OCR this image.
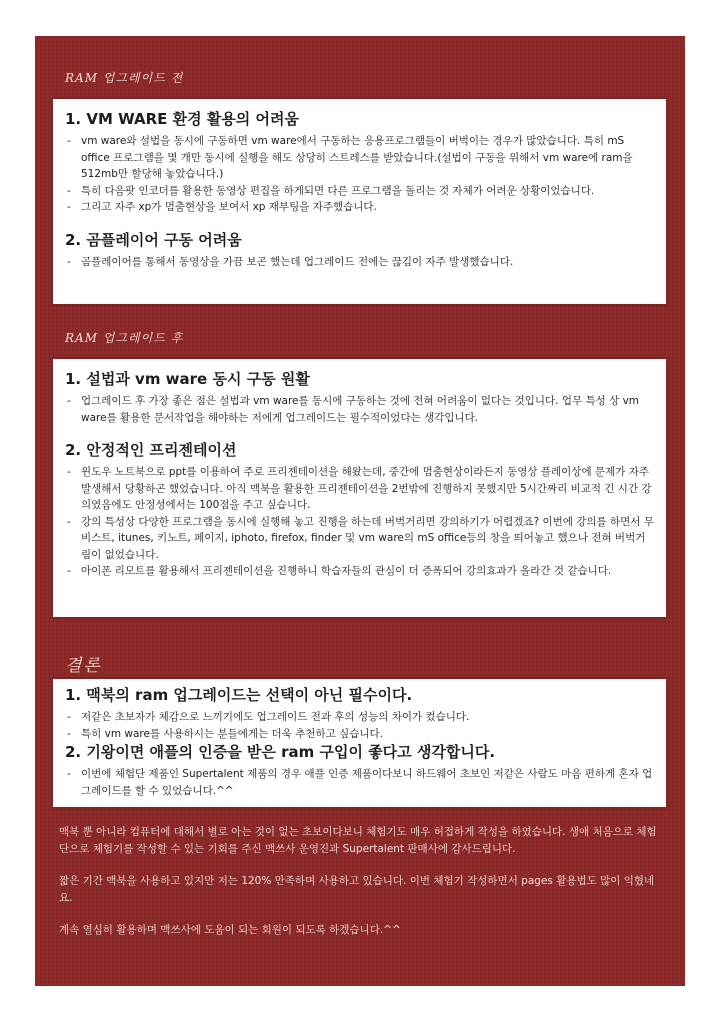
RAM 업그레이드 전
1. VM WARE 환경 활용의 어려움
- vm ware와 설법을 동시에 구동하면 vm ware에서 구동하는 응용프로그램들이 버벅이는 경우가 많았습니다. 특히 mS office 프로그램을 몇 개만 동시에 실행을 해도 상당히 스트레스를 받았습니다.(설법이 구동을 위해서 vm ware에 ram을 512mb만 할당해 놓았습니다.)
- 특히 다음팟 인코더를 활용한 동영상 편집을 하게되면 다른 프로그램을 돌리는 것 자체가 어려운 상황이었습니다.
- 그리고 자주 xp가 멈춤현상을 보여서 xp 재부팅을 자주했습니다.
2. 곰플레이어 구동 어려움
- 곰플레이어를 통해서 동영상을 가끔 보곤 했는데 업그레이드 전에는 끊김이 자주 발생했습니다.
RAM 업그레이드 후
1. 설법과 vm ware 동시 구동 원활
- 업그레이드 후 가장 좋은 점은 설법과 vm ware를 동시에 구동하는 것에 전혀 어려움이 없다는 것입니다. 업무 특성 상 vm ware를 활용한 문서작업을 해야하는 저에게 업그레이드는 필수적이었다는 생각입니다.
2. 안정적인 프리젠테이션
- 윈도우 노트북으로 ppt를 이용하여 주로 프리젠테이션을 해왔는데, 중간에 멈춤현상이라든지 동영상 플레이상에 문제가 자주 발생해서 당황하곤 했었습니다. 아직 맥북을 활용한 프리젠테이션을 2번밖에 진행하지 못했지만 5시간짜리 비교적 긴 시간 강의였음에도 안정성에서는 100점을 주고 싶습니다.
- 강의 특성상 다양한 프로그램을 동시에 실행해 놓고 진행을 하는데 버벅거리면 강의하기가 어렵겠죠? 이번에 강의를 하면서 무비스트, itunes, 키노트, 페이지, iphoto, firefox, finder 및 vm ware의 mS office등의 창을 띄어놓고 했으나 전혀 버벅거림이 없었습니다.
- 아이폰 리모트를 활용해서 프리젠테이션을 진행하니 학습자들의 관심이 더 증폭되어 강의효과가 올라간 것 같습니다.
결론
1. 맥북의 ram 업그레이드는 선택이 아닌 필수이다.
- 저같은 초보자가 체감으로 느끼기에도 업그레이드 전과 후의 성능의 차이가 컸습니다.
- 특히 vm ware를 사용하시는 분들에게는 더욱 추천하고 싶습니다.
2. 기왕이면 애플의 인증을 받은 ram 구입이 좋다고 생각합니다.
- 이번에 체험단 제품인 Supertalent 제품의 경우 애플 인증 제품이다보니 하드웨어 초보인 저같은 사람도 마음 편하게 혼자 업그레이드를 할 수 있었습니다.^^

맥북 뿐 아니라 컴퓨터에 대해서 별로 아는 것이 없는 초보이다보니 체험기도 매우 허접하게 작성을 하였습니다. 생애 처음으로 체험단으로 체험기를 작성할 수 있는 기회를 주신 맥쓰사 운영진과 Supertalent 판매사에 감사드립니다.

짧은 기간 맥북을 사용하고 있지만 저는 120% 만족하며 사용하고 있습니다. 이번 체험기 작성하면서 pages 활용법도 많이 익혔네요.

계속 열심히 활용하며 맥쓰사에 도움이 되는 회원이 되도록 하겠습니다.^^
